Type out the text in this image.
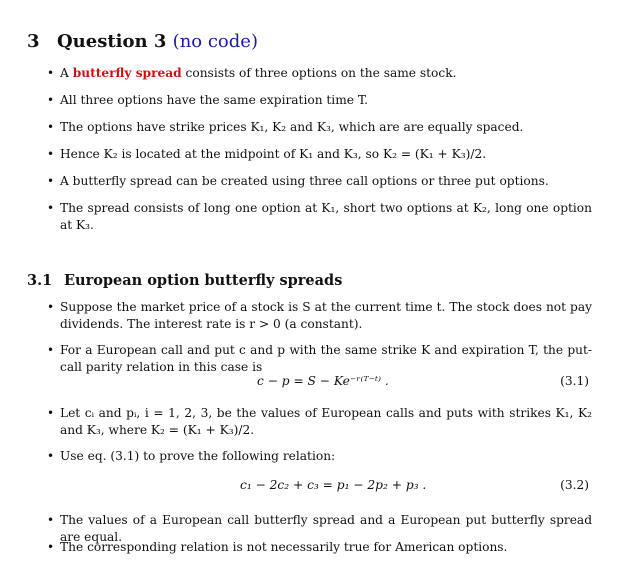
3 Question 3 (no code)
• A butterfly spread consists of three options on the same stock.
• All three options have the same expiration time T.
• The options have strike prices K₁, K₂ and K₃, which are are equally spaced.
• Hence K₂ is located at the midpoint of K₁ and K₃, so K₂ = (K₁ + K₃)/2.
• A butterfly spread can be created using three call options or three put options.
• The spread consists of long one option at K₁, short two options at K₂, long one option at K₃.
3.1 European option butterfly spreads
• Suppose the market price of a stock is S at the current time t. The stock does not pay dividends. The interest rate is r > 0 (a constant).
• For a European call and put c and p with the same strike K and expiration T, the put-call parity relation in this case is
c − p = S − Ke⁻ʳ⁽ᵀ⁻ᵗ⁾ .	(3.1)
• Let cᵢ and pᵢ, i = 1, 2, 3, be the values of European calls and puts with strikes K₁, K₂ and K₃, where K₂ = (K₁ + K₃)/2.
• Use eq. (3.1) to prove the following relation:
c₁ − 2c₂ + c₃ = p₁ − 2p₂ + p₃ .	(3.2)
• The values of a European call butterfly spread and a European put butterfly spread are equal.
• The corresponding relation is not necessarily true for American options.
